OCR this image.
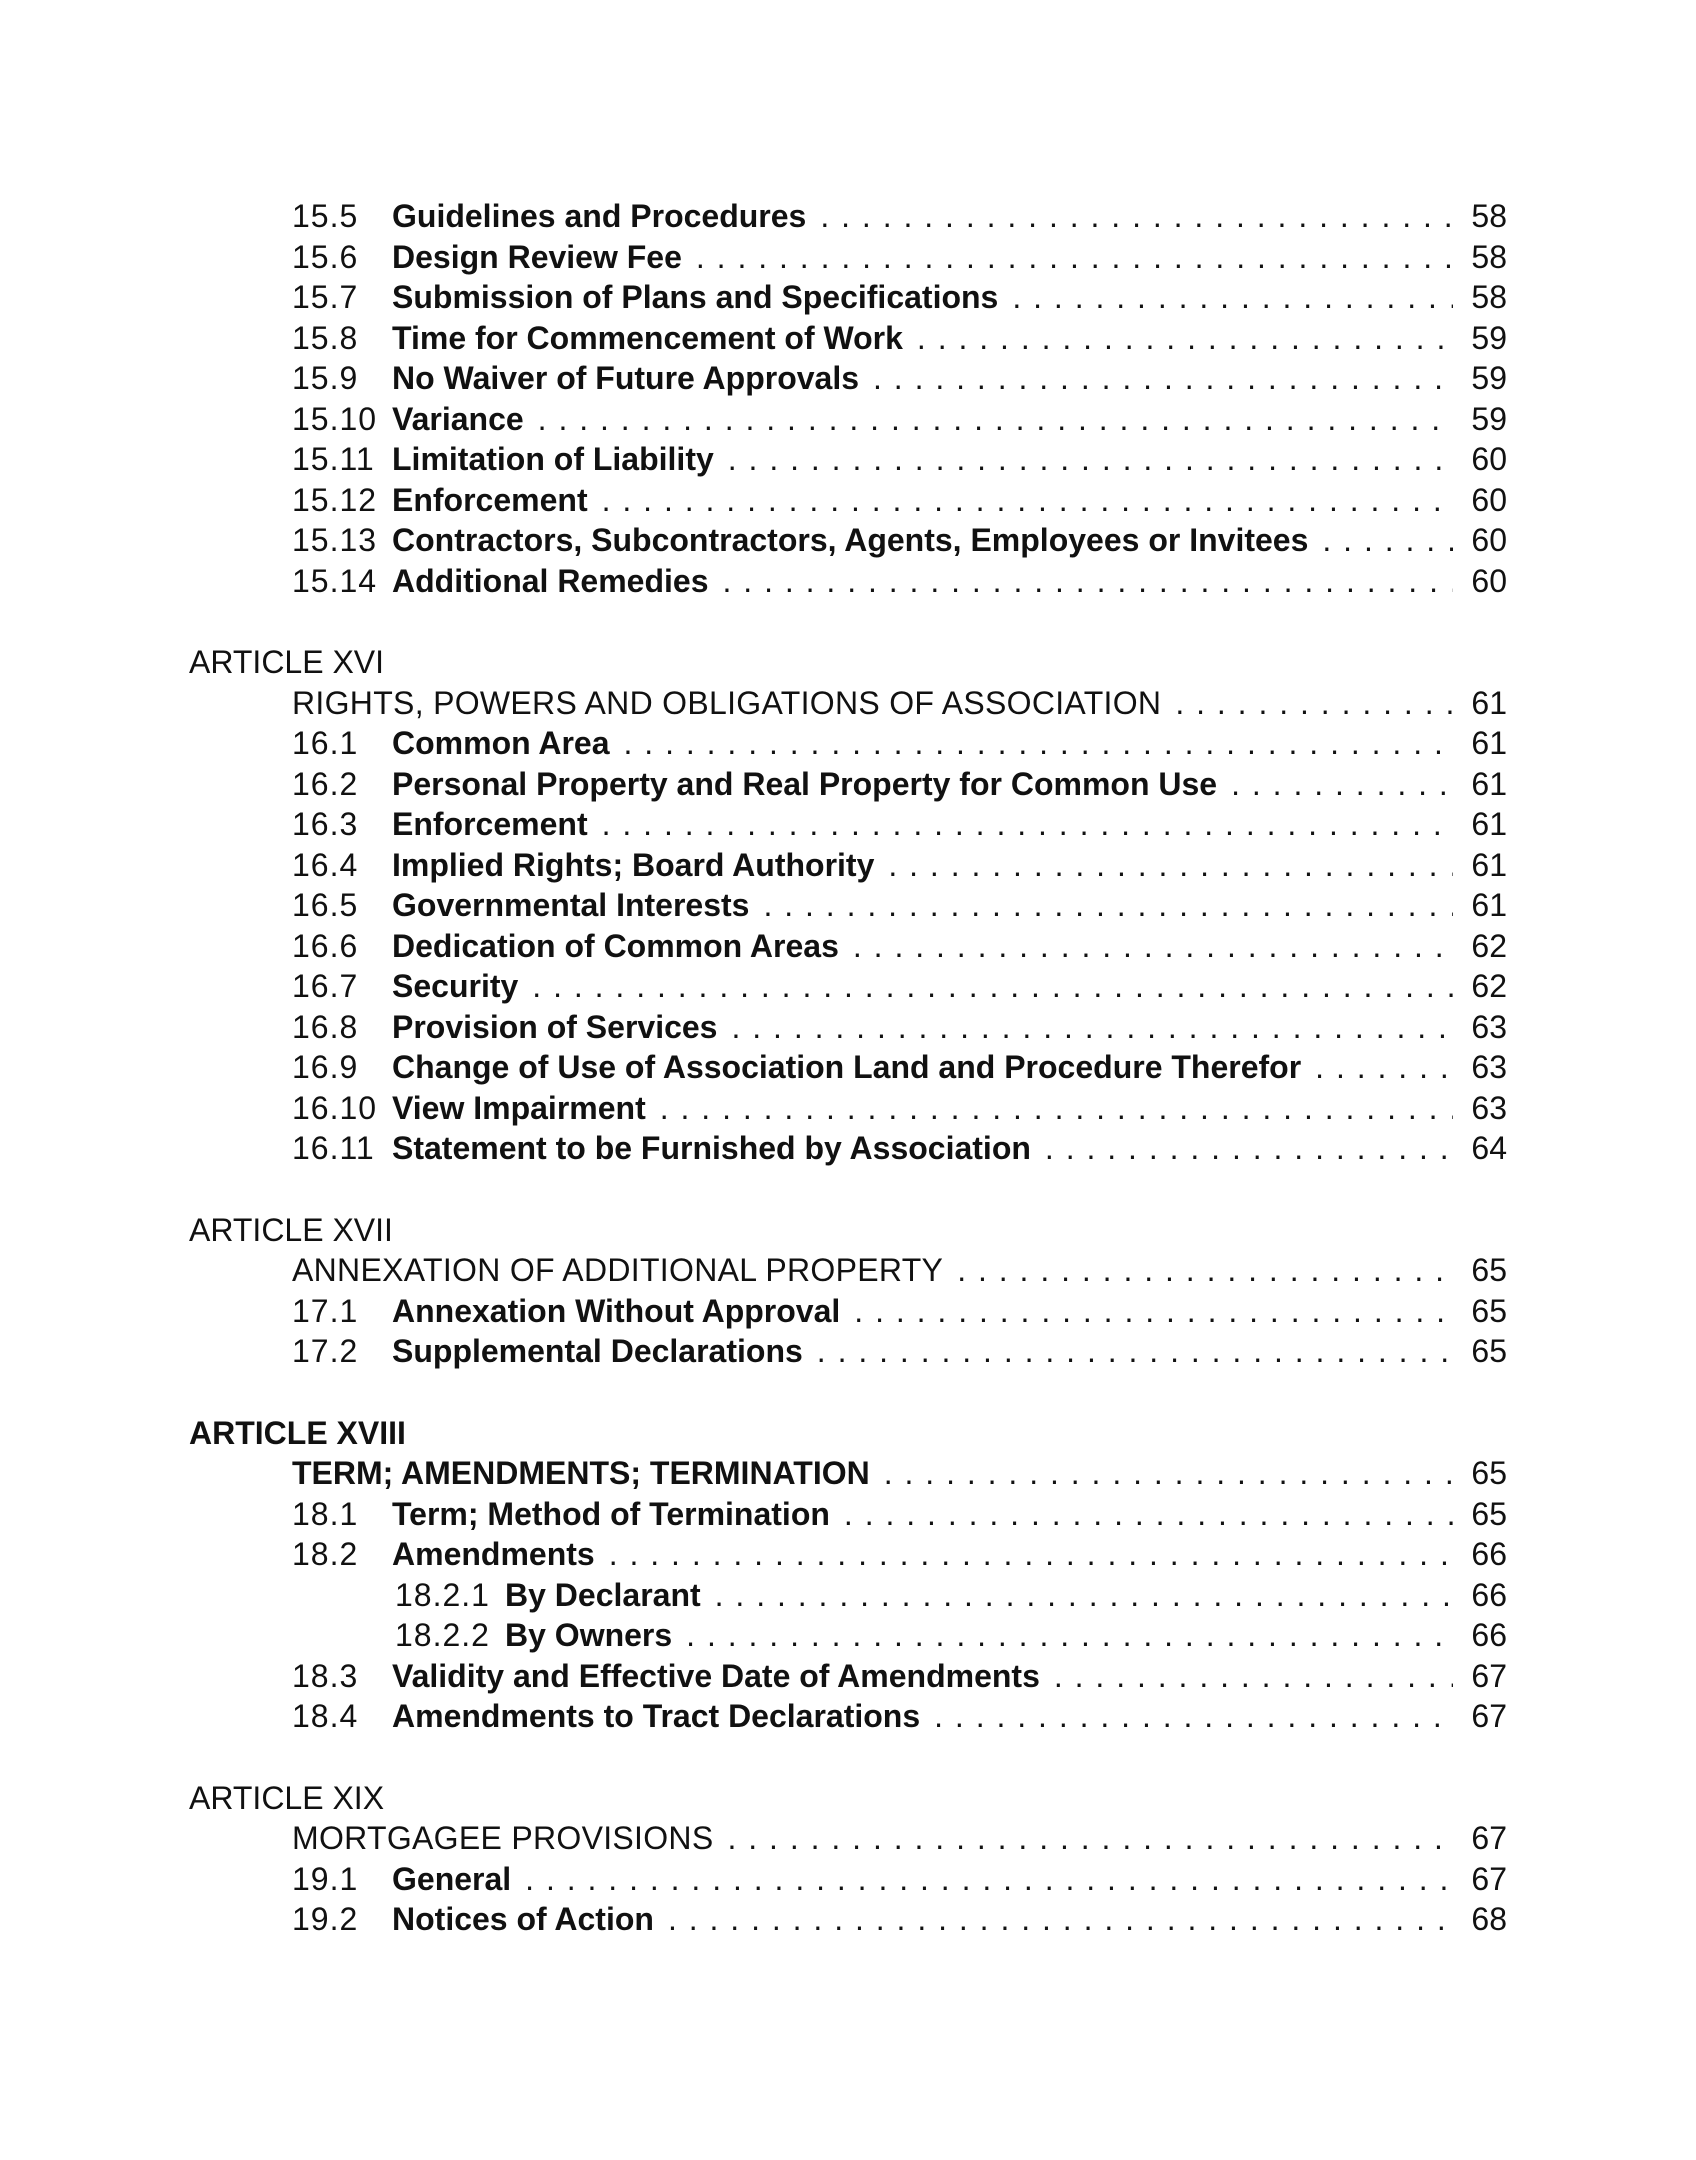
15.5	Guidelines and Procedures . . .	58
15.6	Design Review Fee . . .	58
15.7	Submission of Plans and Specifications . . .	58
15.8	Time for Commencement of Work . . .	59
15.9	No Waiver of Future Approvals . . .	59
15.10 Variance . . .	59
15.11 Limitation of Liability . . .	60
15.12 Enforcement . . .	60
15.13 Contractors, Subcontractors, Agents, Employees or Invitees . . .	60
15.14 Additional Remedies . . .	60
ARTICLE XVI
RIGHTS, POWERS AND OBLIGATIONS OF ASSOCIATION . . .	61
16.1	Common Area . . .	61
16.2	Personal Property and Real Property for Common Use . . .	61
16.3	Enforcement . . .	61
16.4	Implied Rights; Board Authority . . .	61
16.5	Governmental Interests . . .	61
16.6	Dedication of Common Areas . . .	62
16.7	Security . . .	62
16.8	Provision of Services . . .	63
16.9	Change of Use of Association Land and Procedure Therefor . . .	63
16.10 View Impairment . . .	63
16.11 Statement to be Furnished by Association . . .	64
ARTICLE XVII
ANNEXATION OF ADDITIONAL PROPERTY . . .	65
17.1	Annexation Without Approval . . .	65
17.2	Supplemental Declarations . . .	65
ARTICLE XVIII
TERM; AMENDMENTS; TERMINATION . . .	65
18.1	Term; Method of Termination . . .	65
18.2	Amendments . . .	66
18.2.1 By Declarant . . .	66
18.2.2 By Owners . . .	66
18.3	Validity and Effective Date of Amendments . . .	67
18.4	Amendments to Tract Declarations . . .	67
ARTICLE XIX
MORTGAGEE PROVISIONS . . .	67
19.1	General . . .	67
19.2	Notices of Action . . .	68
